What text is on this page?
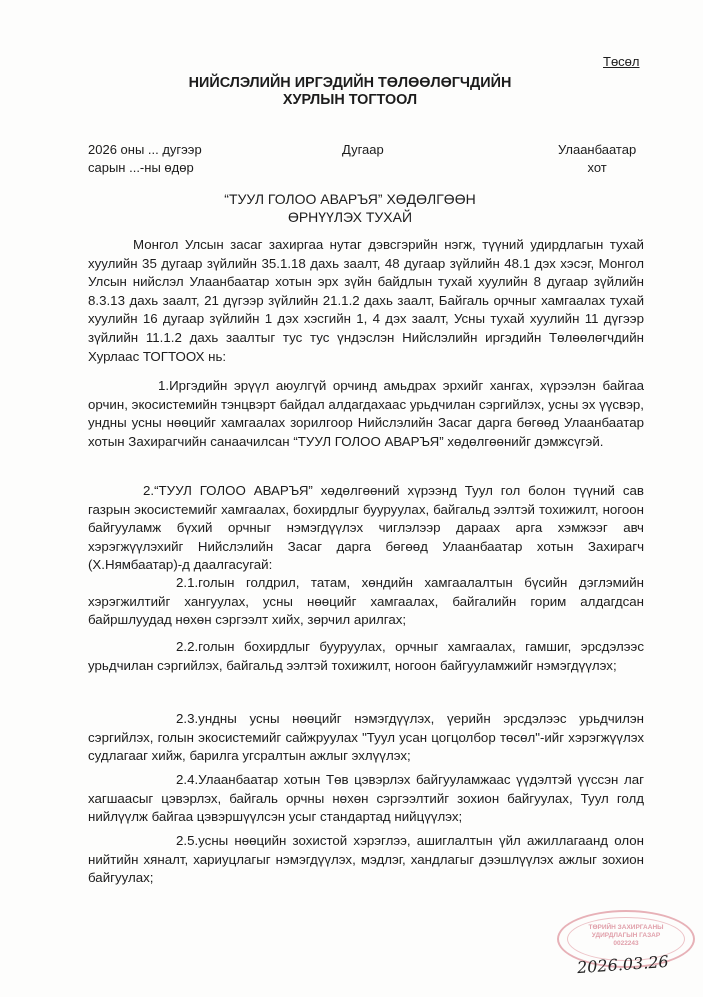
Төсөл
НИЙСЛЭЛИЙН ИРГЭДИЙН ТӨЛӨӨЛӨГЧДИЙН
ХУРЛЫН ТОГТООЛ
2026 оны ... дугээр
сарын ...-ны өдөр
Дугаар	Улаанбаатар
хот
“ТУУЛ ГОЛОО АВАРЪЯ” ХӨДӨЛГӨӨН
ӨРНҮҮЛЭХ ТУХАЙ

Монгол Улсын засаг захиргаа нутаг дэвсгэрийн нэгж, түүний удирдлагын тухай хуулийн 35 дугаар зүйлийн 35.1.18 дахь заалт, 48 дугаар зүйлийн 48.1 дэх хэсэг, Монгол Улсын нийслэл Улаанбаатар хотын эрх зүйн байдлын тухай хуулийн 8 дугаар зүйлийн 8.3.13 дахь заалт, 21 дүгээр зүйлийн 21.1.2 дахь заалт, Байгаль орчныг хамгаалах тухай хуулийн 16 дугаар зүйлийн 1 дэх хэсгийн 1, 4 дэх заалт, Усны тухай хуулийн 11 дүгээр зүйлийн 11.1.2 дахь заалтыг тус тус үндэслэн Нийслэлийн иргэдийн Төлөөлөгчдийн Хурлаас ТОГТООХ нь:

1.Иргэдийн эрүүл аюулгүй орчинд амьдрах эрхийг хангах, хүрээлэн байгаа орчин, экосистемийн тэнцвэрт байдал алдагдахаас урьдчилан сэргийлэх, усны эх үүсвэр, ундны усны нөөцийг хамгаалах зорилгоор Нийслэлийн Засаг дарга бөгөөд Улаанбаатар хотын Захирагчийн санаачилсан “ТУУЛ ГОЛОО АВАРЪЯ” хөдөлгөөнийг дэмжсүгэй.

2.“ТУУЛ ГОЛОО АВАРЪЯ” хөдөлгөөний хүрээнд Туул гол болон түүний сав газрын экосистемийг хамгаалах, бохирдлыг бууруулах, байгальд ээлтэй тохижилт, ногоон байгууламж бүхий орчныг нэмэгдүүлэх чиглэлээр дараах арга хэмжээг авч хэрэгжүүлэхийг Нийслэлийн Засаг дарга бөгөөд Улаанбаатар хотын Захирагч (Х.Нямбаатар)-д даалгасугай:

2.1.голын голдрил, татам, хөндийн хамгаалалтын бүсийн дэглэмийн хэрэгжилтийг хангуулах, усны нөөцийг хамгаалах, байгалийн горим алдагдсан байршлуудад нөхөн сэргээлт хийх, зөрчил арилгах;

2.2.голын бохирдлыг бууруулах, орчныг хамгаалах, гамшиг, эрсдэлээс урьдчилан сэргийлэх, байгальд ээлтэй тохижилт, ногоон байгууламжийг нэмэгдүүлэх;

2.3.ундны усны нөөцийг нэмэгдүүлэх, үерийн эрсдэлээс урьдчилэн сэргийлэх, голын экосистемийг сайжруулах "Туул усан цогцолбор төсөл"-ийг хэрэгжүүлэх судлагааг хийж, барилга угсралтын ажлыг эхлүүлэх;

2.4.Улаанбаатар хотын Төв цэвэрлэх байгууламжаас үүдэлтэй үүссэн лаг хагшаасыг цэвэрлэх, байгаль орчны нөхөн сэргээлтийг зохион байгуулах, Туул голд нийлүүлж байгаа цэвэршүүлсэн усыг стандартад нийцүүлэх;

2.5.усны нөөцийн зохистой хэрэглээ, ашиглалтын үйл ажиллагаанд олон нийтийн хяналт, хариуцлагыг нэмэгдүүлэх, мэдлэг, хандлагыг дээшлүүлэх ажлыг зохион байгуулах;

ТӨРИЙН ЗАХИРГААНЫ
УДИРДЛАГЫН ГАЗАР
0022243
2026.03.26
